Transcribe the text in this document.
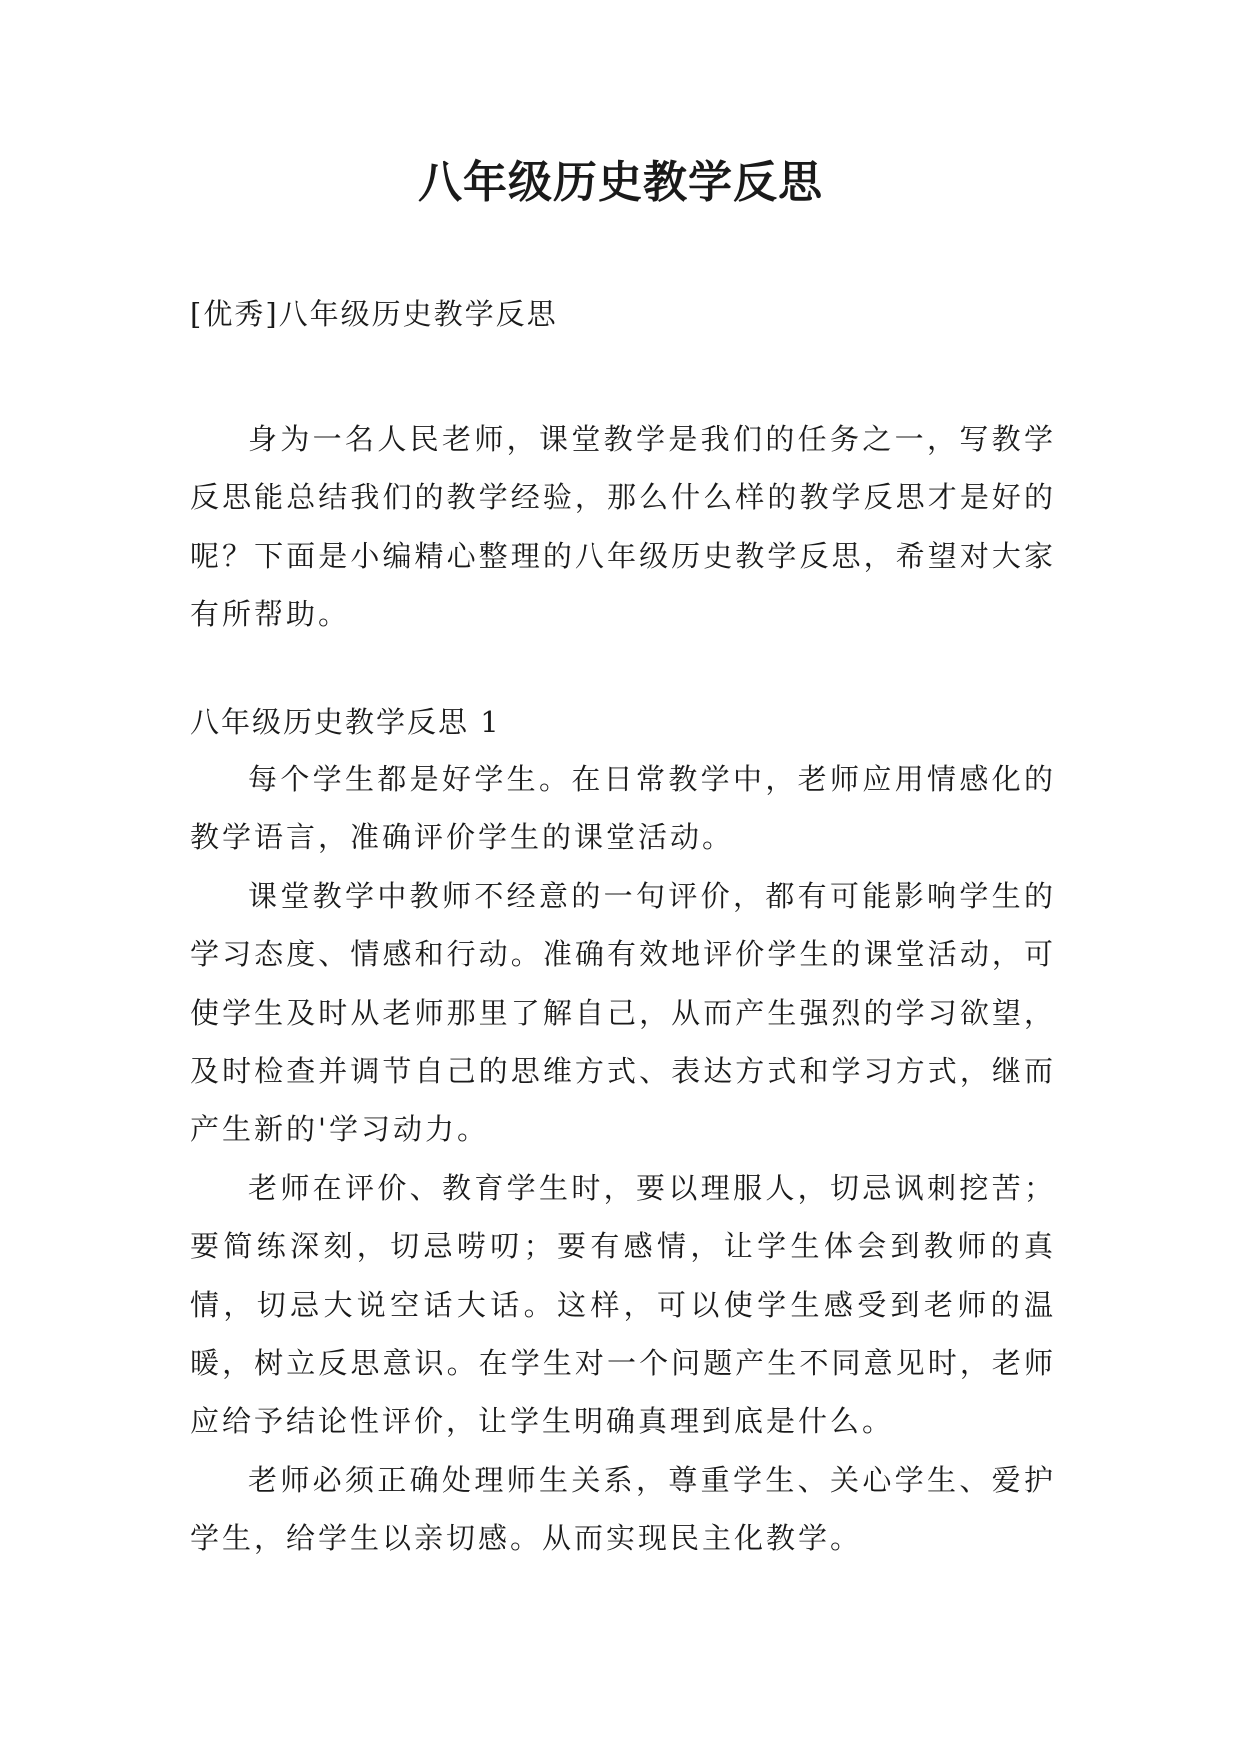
八年级历史教学反思
[优秀]八年级历史教学反思

身为一名人民老师，课堂教学是我们的任务之一，写教学反思能总结我们的教学经验，那么什么样的教学反思才是好的呢？下面是小编精心整理的八年级历史教学反思，希望对大家有所帮助。

八年级历史教学反思 1

每个学生都是好学生。在日常教学中，老师应用情感化的教学语言，准确评价学生的课堂活动。

课堂教学中教师不经意的一句评价，都有可能影响学生的学习态度、情感和行动。准确有效地评价学生的课堂活动，可使学生及时从老师那里了解自己，从而产生强烈的学习欲望，及时检查并调节自己的思维方式、表达方式和学习方式，继而产生新的'学习动力。

老师在评价、教育学生时，要以理服人，切忌讽刺挖苦；要简练深刻，切忌唠叨；要有感情，让学生体会到教师的真情，切忌大说空话大话。这样，可以使学生感受到老师的温暖，树立反思意识。在学生对一个问题产生不同意见时，老师应给予结论性评价，让学生明确真理到底是什么。

老师必须正确处理师生关系，尊重学生、关心学生、爱护学生，给学生以亲切感。从而实现民主化教学。
